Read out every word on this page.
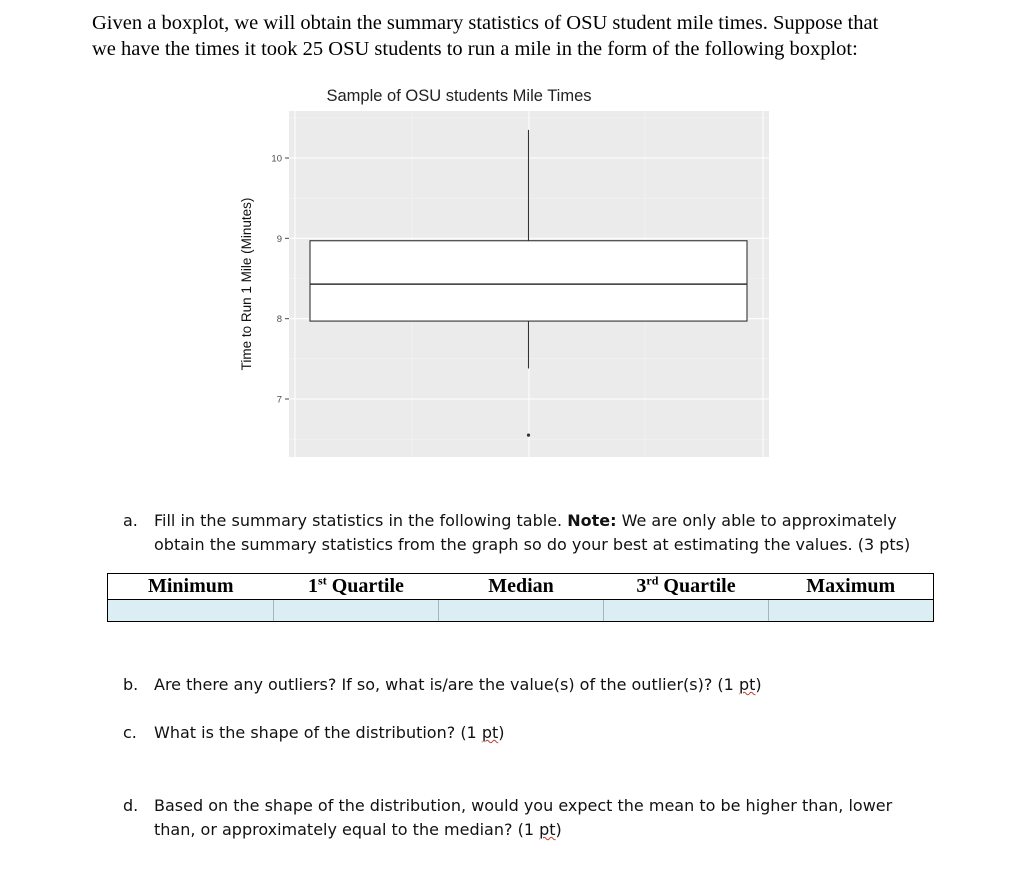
Given a boxplot, we will obtain the summary statistics of OSU student mile times. Suppose that
we have the times it took 25 OSU students to run a mile in the form of the following boxplot:
Sample of OSU students Mile Times
7
8
9
10
Time to Run 1 Mile (Minutes)
a. Fill in the summary statistics in the following table. Note: We are only able to approximately
obtain the summary statistics from the graph so do your best at estimating the values. (3 pts)
Minimum	1st Quartile	Median	3rd Quartile	Maximum

b. Are there any outliers? If so, what is/are the value(s) of the outlier(s)? (1 pt)
c. What is the shape of the distribution? (1 pt)
d. Based on the shape of the distribution, would you expect the mean to be higher than, lower
than, or approximately equal to the median? (1 pt)
